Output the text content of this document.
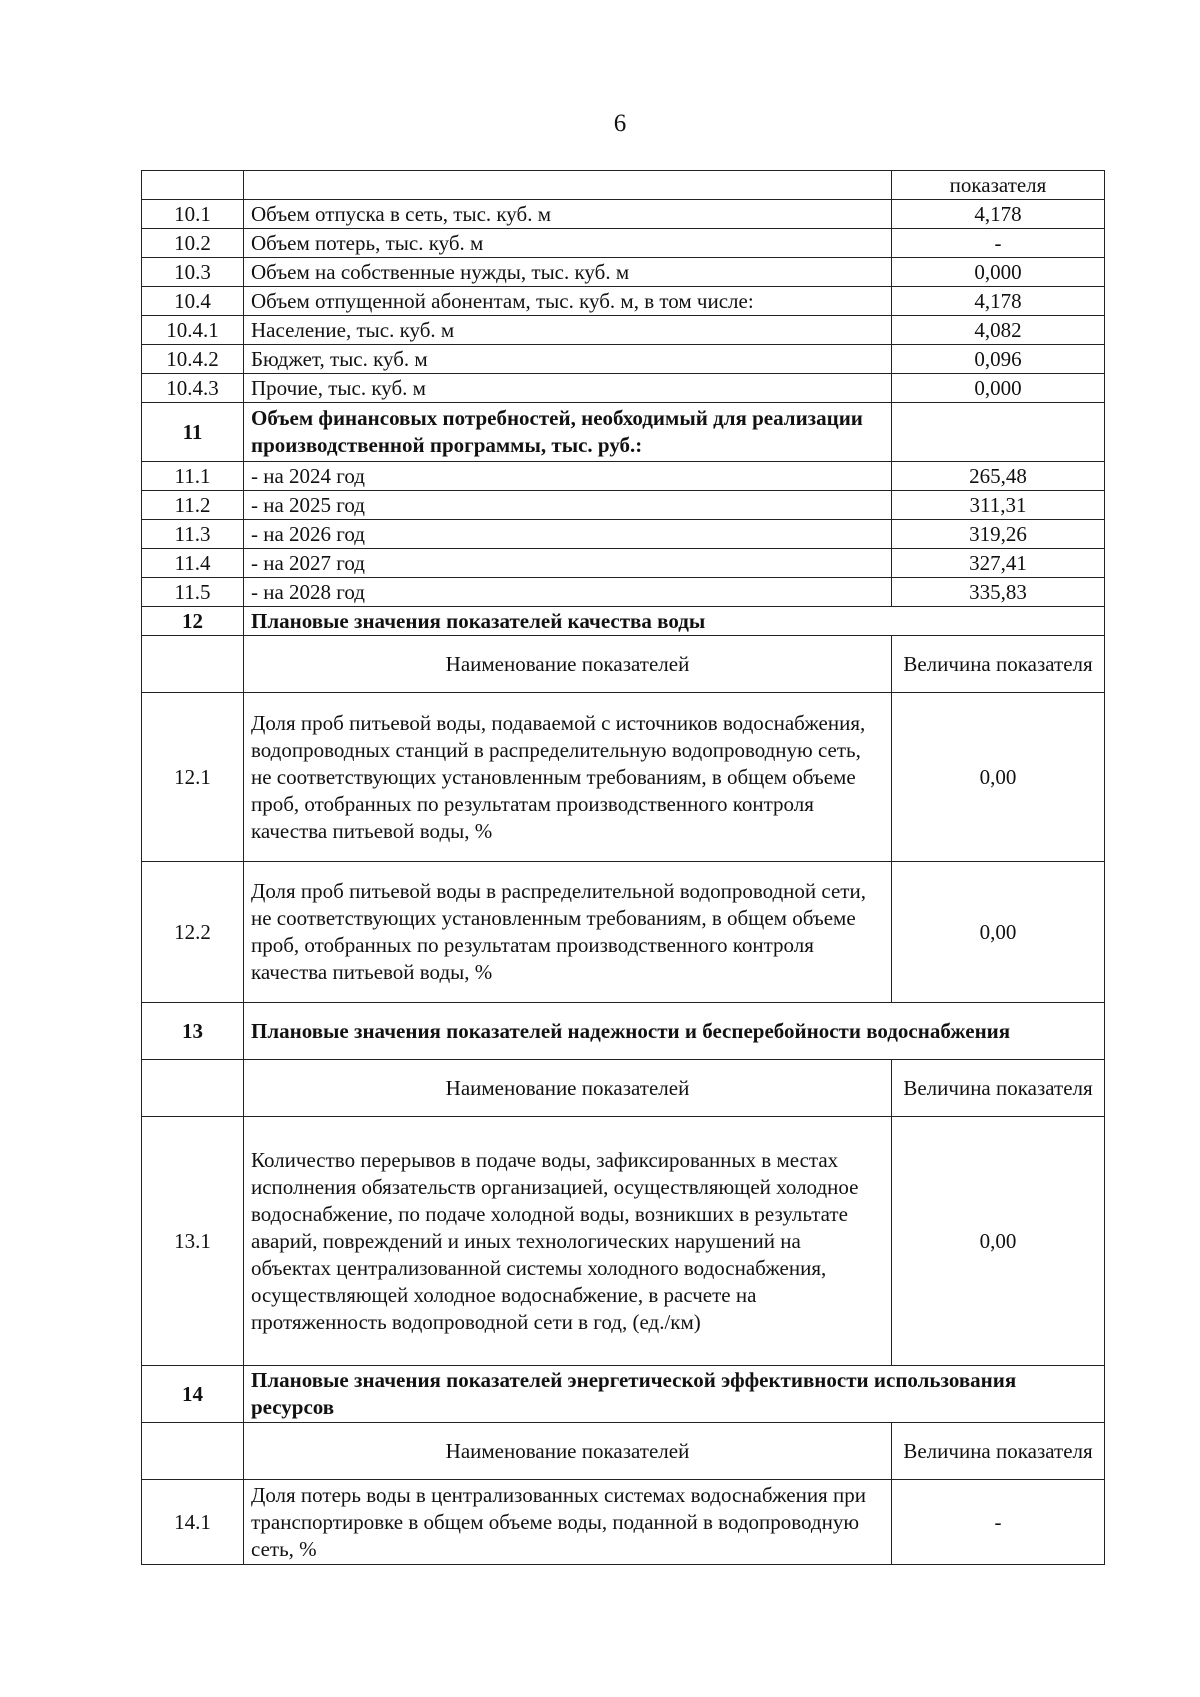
6
		показателя
10.1	Объем отпуска в сеть, тыс. куб. м	4,178
10.2	Объем потерь, тыс. куб. м	-
10.3	Объем на собственные нужды, тыс. куб. м	0,000
10.4	Объем отпущенной абонентам, тыс. куб. м, в том числе:	4,178
10.4.1	Население, тыс. куб. м	4,082
10.4.2	Бюджет, тыс. куб. м	0,096
10.4.3	Прочие, тыс. куб. м	0,000
11	Объем финансовых потребностей, необходимый для реализации производственной программы, тыс. руб.:	
11.1	- на 2024 год	265,48
11.2	- на 2025 год	311,31
11.3	- на 2026 год	319,26
11.4	- на 2027 год	327,41
11.5	- на 2028 год	335,83
12	Плановые значения показателей качества воды	
	Наименование показателей	Величина показателя
12.1	Доля проб питьевой воды, подаваемой с источников водоснабжения, водопроводных станций в распределительную водопроводную сеть, не соответствующих установленным требованиям, в общем объеме проб, отобранных по результатам производственного контроля качества питьевой воды, %	0,00
12.2	Доля проб питьевой воды в распределительной водопроводной сети, не соответствующих установленным требованиям, в общем объеме проб, отобранных по результатам производственного контроля качества питьевой воды, %	0,00
13	Плановые значения показателей надежности и бесперебойности водоснабжения	
	Наименование показателей	Величина показателя
13.1	Количество перерывов в подаче воды, зафиксированных в местах исполнения обязательств организацией, осуществляющей холодное водоснабжение, по подаче холодной воды, возникших в результате аварий, повреждений и иных технологических нарушений на объектах централизованной системы холодного водоснабжения, осуществляющей холодное водоснабжение, в расчете на протяженность водопроводной сети в год, (ед./км)	0,00
14	Плановые значения показателей энергетической эффективности использования ресурсов	
	Наименование показателей	Величина показателя
14.1	Доля потерь воды в централизованных системах водоснабжения при транспортировке в общем объеме воды, поданной в водопроводную сеть, %	-
